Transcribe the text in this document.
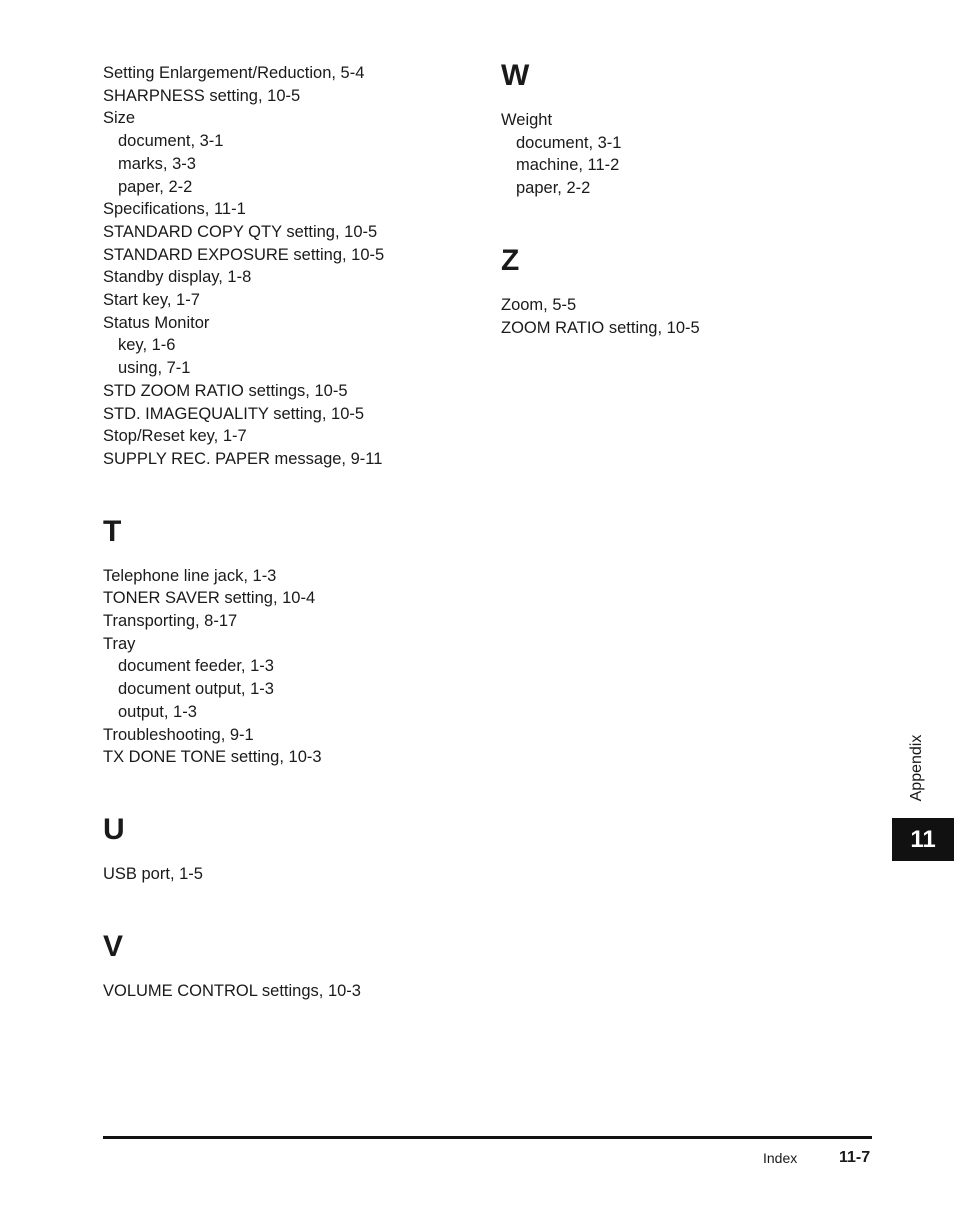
Setting Enlargement/Reduction, 5-4
SHARPNESS setting, 10-5
Size
document, 3-1
marks, 3-3
paper, 2-2
Specifications, 11-1
STANDARD COPY QTY setting, 10-5
STANDARD EXPOSURE setting, 10-5
Standby display, 1-8
Start key, 1-7
Status Monitor
key, 1-6
using, 7-1
STD ZOOM RATIO settings, 10-5
STD. IMAGEQUALITY setting, 10-5
Stop/Reset key, 1-7
SUPPLY REC. PAPER message, 9-11
T
Telephone line jack, 1-3
TONER SAVER setting, 10-4
Transporting, 8-17
Tray
document feeder, 1-3
document output, 1-3
output, 1-3
Troubleshooting, 9-1
TX DONE TONE setting, 10-3
U
USB port, 1-5
V
VOLUME CONTROL settings, 10-3
W
Weight
document, 3-1
machine, 11-2
paper, 2-2
Z
Zoom, 5-5
ZOOM RATIO setting, 10-5
Appendix
11
Index	11-7
